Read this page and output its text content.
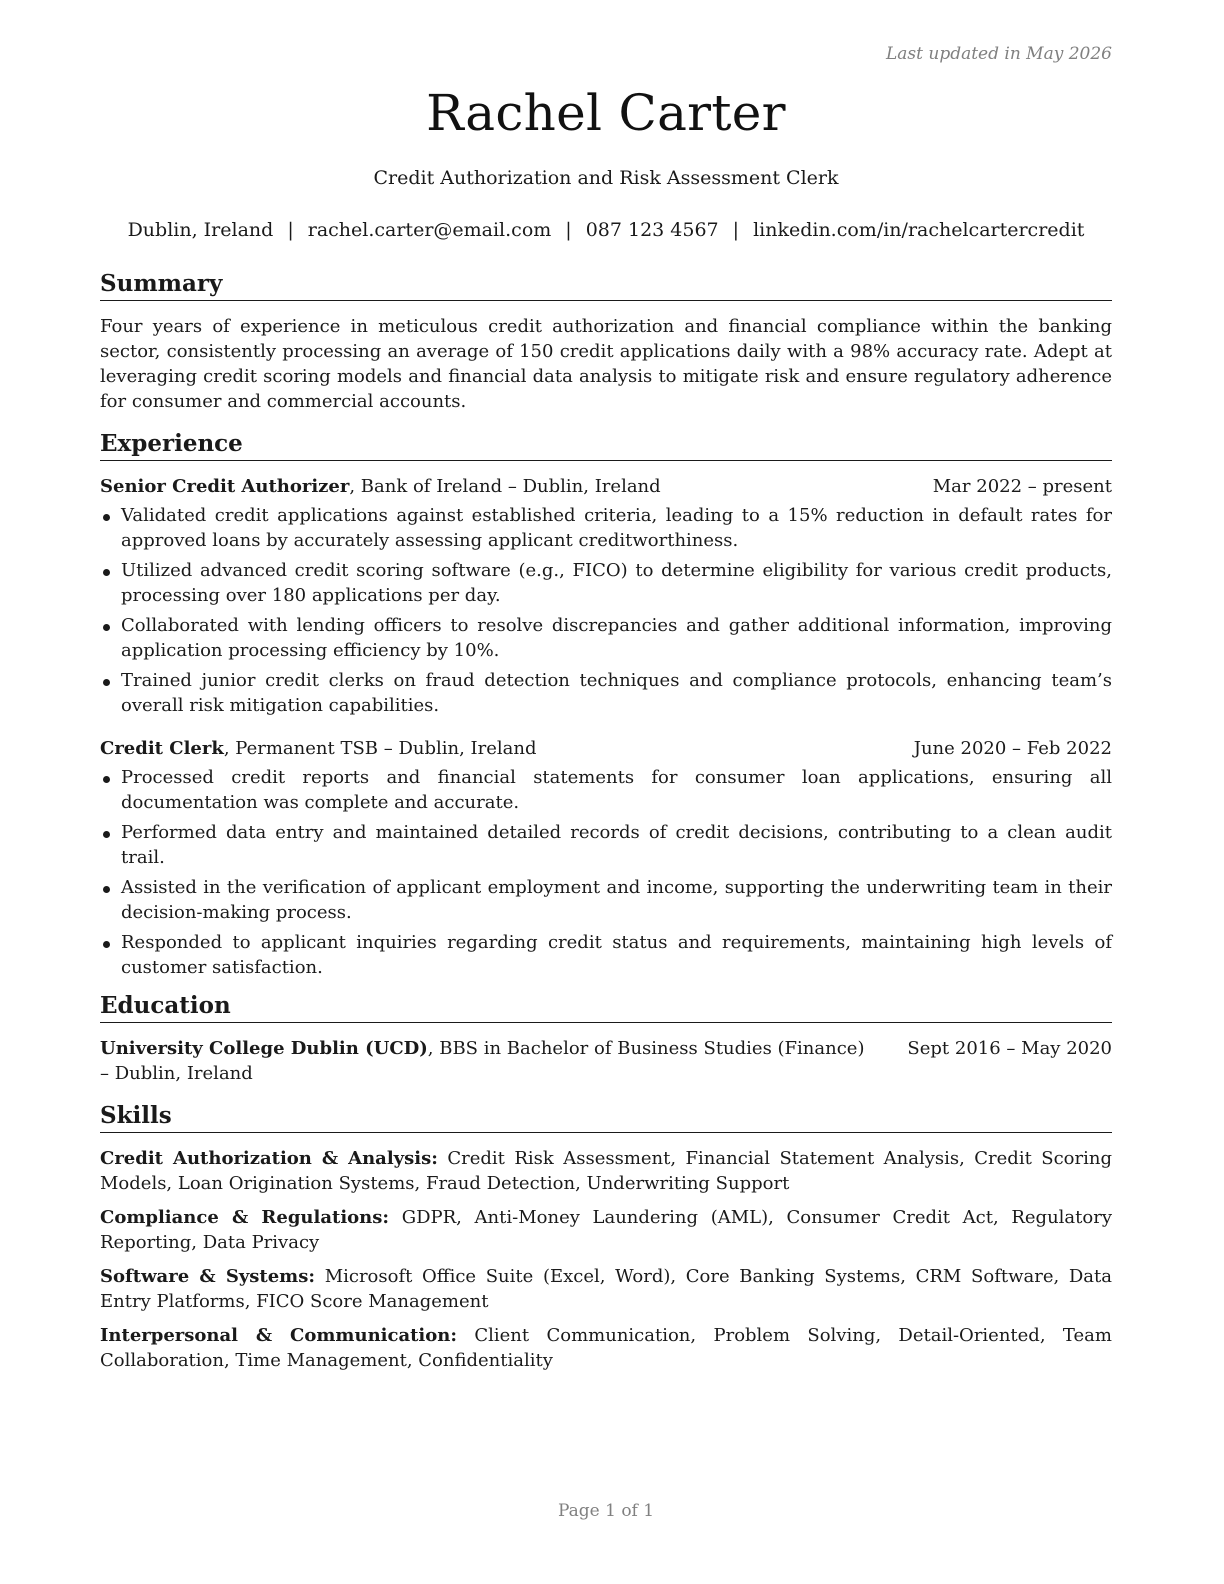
Last updated in May 2026
Rachel Carter
Credit Authorization and Risk Assessment Clerk
Dublin, Ireland | rachel.carter@email.com | 087 123 4567 | linkedin.com/in/rachelcartercredit
Summary

Four years of experience in meticulous credit authorization and financial compliance within the banking sector, consistently processing an average of 150 credit applications daily with a 98% accuracy rate. Adept at leveraging credit scoring models and financial data analysis to mitigate risk and ensure regulatory adherence for consumer and commercial accounts.

Experience
Senior Credit Authorizer, Bank of Ireland – Dublin, Ireland	Mar 2022 – present
Validated credit applications against established criteria, leading to a 15% reduction in default rates for approved loans by accurately assessing applicant creditworthiness.
Utilized advanced credit scoring software (e.g., FICO) to determine eligibility for various credit products, processing over 180 applications per day.
Collaborated with lending officers to resolve discrepancies and gather additional information, improving application processing efficiency by 10%.
Trained junior credit clerks on fraud detection techniques and compliance protocols, enhancing team’s overall risk mitigation capabilities.
Credit Clerk, Permanent TSB – Dublin, Ireland	June 2020 – Feb 2022
Processed credit reports and financial statements for consumer loan applications, ensuring all documentation was complete and accurate.
Performed data entry and maintained detailed records of credit decisions, contributing to a clean audit trail.
Assisted in the verification of applicant employment and income, supporting the underwriting team in their decision-making process.
Responded to applicant inquiries regarding credit status and requirements, maintaining high levels of customer satisfaction.
Education
University College Dublin (UCD), BBS in Bachelor of Business Studies (Finance) – Dublin, Ireland
Sept 2016 – May 2020
Skills

Credit Authorization & Analysis: Credit Risk Assessment, Financial Statement Analysis, Credit Scoring Models, Loan Origination Systems, Fraud Detection, Underwriting Support

Compliance & Regulations: GDPR, Anti-Money Laundering (AML), Consumer Credit Act, Regulatory Reporting, Data Privacy

Software & Systems: Microsoft Office Suite (Excel, Word), Core Banking Systems, CRM Software, Data Entry Platforms, FICO Score Management

Interpersonal & Communication: Client Communication, Problem Solving, Detail-Oriented, Team Collaboration, Time Management, Confidentiality

Page 1 of 1
